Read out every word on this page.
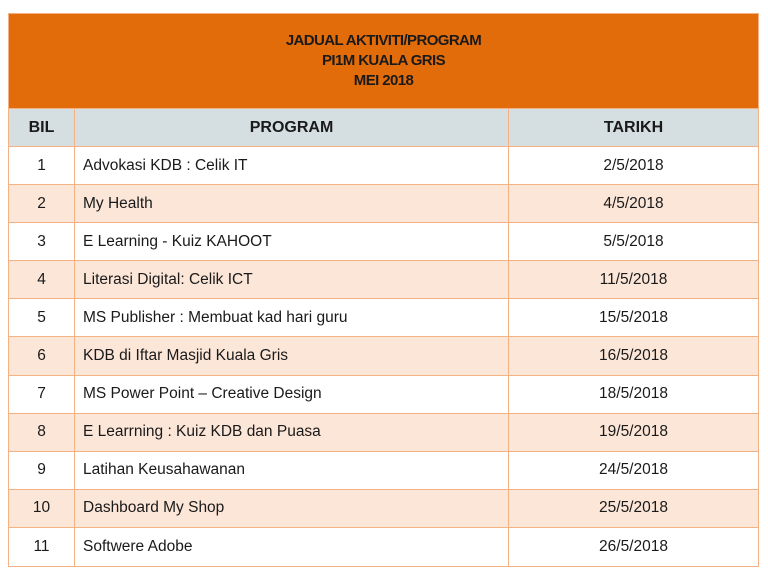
JADUAL AKTIVITI/PROGRAM
PI1M KUALA GRIS
MEI 2018
BIL	PROGRAM	TARIKH
1	Advokasi KDB : Celik IT	2/5/2018
2	My Health	4/5/2018
3	E Learning - Kuiz KAHOOT	5/5/2018
4	Literasi Digital: Celik ICT	11/5/2018
5	MS Publisher : Membuat kad hari guru	15/5/2018
6	KDB di Iftar Masjid Kuala Gris	16/5/2018
7	MS Power Point – Creative Design	18/5/2018
8	E Learrning : Kuiz KDB dan Puasa	19/5/2018
9	Latihan Keusahawanan	24/5/2018
10	Dashboard My Shop	25/5/2018
11	Softwere Adobe	26/5/2018
